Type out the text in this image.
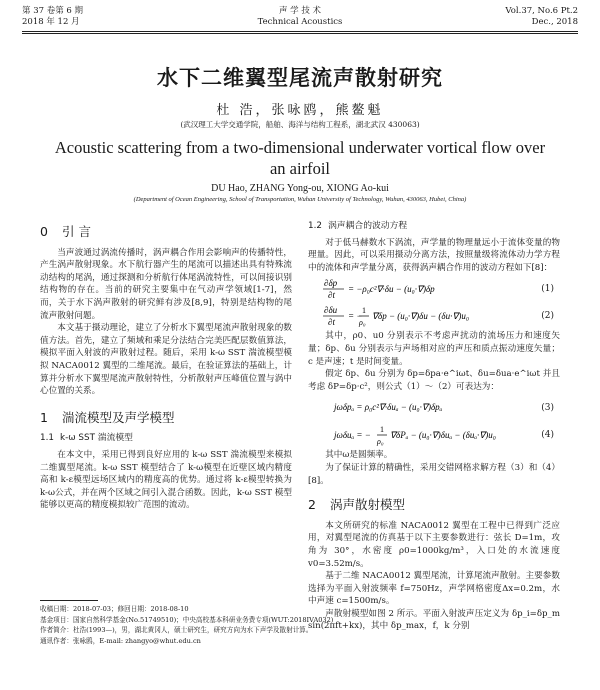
第 37 卷第 6 期
2018 年 12 月
声 学 技 术
Technical Acoustics
Vol.37, No.6 Pt.2
Dec., 2018
水下二维翼型尾流声散射研究
杜 浩，张咏鸥，熊鳌魁
(武汉理工大学交通学院，船舶、海洋与结构工程系，湖北武汉 430063)
Acoustic scattering from a two-dimensional underwater vortical flow over an airfoil
DU Hao, ZHANG Yong-ou, XIONG Ao-kui
(Department of Ocean Engineering, School of Transportation, Wuhan University of Technology, Wuhan, 430063, Hubei, China)
0 引 言

当声波通过涡流传播时，涡声耦合作用会影响声的传播特性，产生涡声散射现象。水下航行器产生的尾流可以描述出具有特殊流动结构的尾涡，通过探测和分析航行体尾涡流特性，可以间接识别结构物的存在。当前的研究主要集中在气动声学领域[1-7]，然而，关于水下涡声散射的研究鲜有涉及[8,9]，特别是结构物的尾流声散射问题。

本文基于摄动理论，建立了分析水下翼型尾流声散射现象的数值方法。首先，建立了频域和乘足分法结合完美匹配层数值算法，模拟平面入射波的声散射过程。随后，采用 k-ω SST 湍流模型模拟 NACA0012 翼型的二维尾流。最后，在验证算法的基础上，计算并分析水下翼型尾流声散射特性，分析散射声压峰值位置与涡中心位置的关系。

1 湍流模型及声学模型
1.1 k-ω SST 湍流模型

在本文中，采用已得到良好应用的 k-ω SST 湍流模型来模拟二维翼型尾流。k-ω SST 模型结合了 k-ω模型在近壁区域内精度高和 k-ε模型远场区域内的精度高的优势。通过将 k-ε模型转换为 k-ω公式，并在两个区域之间引入混合函数。因此，k-ω SST 模型能够以更高的精度模拟较广范围的流动。

1.2 涡声耦合的波动方程

对于低马赫数水下涡流，声学量的物理量远小于流体变量的物理量。因此，可以采用摄动分离方法，按照量级将流体动力学方程中的流体和声学量分离，获得涡声耦合作用的波动方程如下[8]：

∂δp
∂t
= −ρ₀c²∇·δu − (u₀·∇)δp	(1)
∂δu
∂t
= −
1
ρ₀
∇δp − (u₀·∇)δu − (δu·∇)u₀	(2)

其中，ρ0、u0 分别表示不考虑声扰动的流场压力和速度矢量；δp、δu 分别表示与声场相对应的声压和质点振动速度矢量；c 是声速；t 是时间变量。

假定 δp、δu 分别为 δp=δpa·e^iωt、δu=δua·e^iωt 并且考虑 δP=δp·c²，则公式（1）～（2）可表达为：

jωδpₐ = ρ₀c²∇·δuₐ − (u₀·∇)δpₐ	(3)
jωδuₐ = −
1
ρ₀
∇δPₐ − (u₀·∇)δuₐ − (δuₐ·∇)u₀	(4)

其中ω是圆频率。

为了保证计算的精确性，采用交错网格求解方程（3）和（4）[8]。

2 涡声散射模型

本文所研究的标准 NACA0012 翼型在工程中已得到广泛应用，对翼型尾流的仿真基于以下主要参数进行：弦长 D=1m，攻角为 30°，水密度 ρ0=1000kg/m³，入口处的水流速度 v0=3.52m/s。

基于二维 NACA0012 翼型尾流，计算尾流声散射。主要参数选择为平面入射波频率 f=750Hz，声学网格密度Δx=0.2m，水中声速 c=1500m/s。

声散射模型如图 2 所示。平面入射波声压定义为 δp_i=δp_m sin(2πft+kx)，其中 δp_max，f，k 分别

收稿日期：2018-07-03；修回日期：2018-08-10
基金项目：国家自然科学基金(No.51749510)；中央高校基本科研业务费专项(WUT:2018IVA032)
作者简介：杜浩(1993—)，男，湖北黄冈人，硕士研究生，研究方向为水下声学及散射计算。
通讯作者：张咏鸥，E-mail: zhangyo@whut.edu.cn
